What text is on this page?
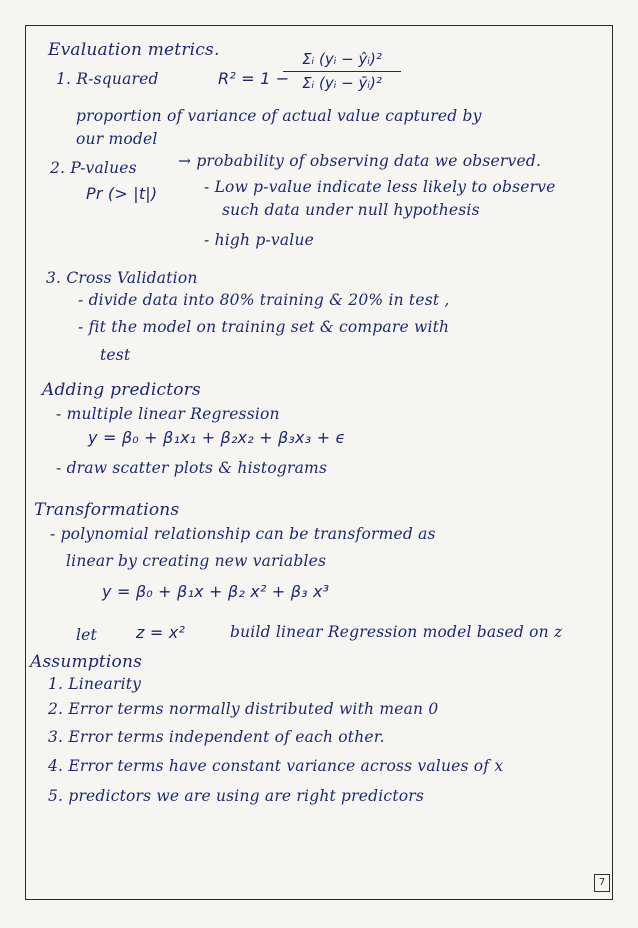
Evaluation metrics.
1. R-squared	R² = 1 −
Σᵢ (yᵢ − ŷᵢ)²
Σᵢ (yᵢ − ȳᵢ)²
proportion of variance of actual value captured by
our model
2. P-values	→ probability of observing data we observed.
Pr (> |t|)	- Low p-value indicate less likely to observe
such data under null hypothesis
- high p-value
3. Cross Validation
- divide data into 80% training & 20% in test ,
- fit the model on training set & compare with
test
Adding predictors
- multiple linear Regression
y = β₀ + β₁x₁ + β₂x₂ + β₃x₃ + ϵ
- draw scatter plots & histograms
Transformations
- polynomial relationship can be transformed as
linear by creating new variables
y = β₀ + β₁x + β₂ x² + β₃ x³
let z = x²	build linear Regression model based on z
Assumptions
1. Linearity
2. Error terms normally distributed with mean 0
3. Error terms independent of each other.
4. Error terms have constant variance across values of x
5. predictors we are using are right predictors
7
